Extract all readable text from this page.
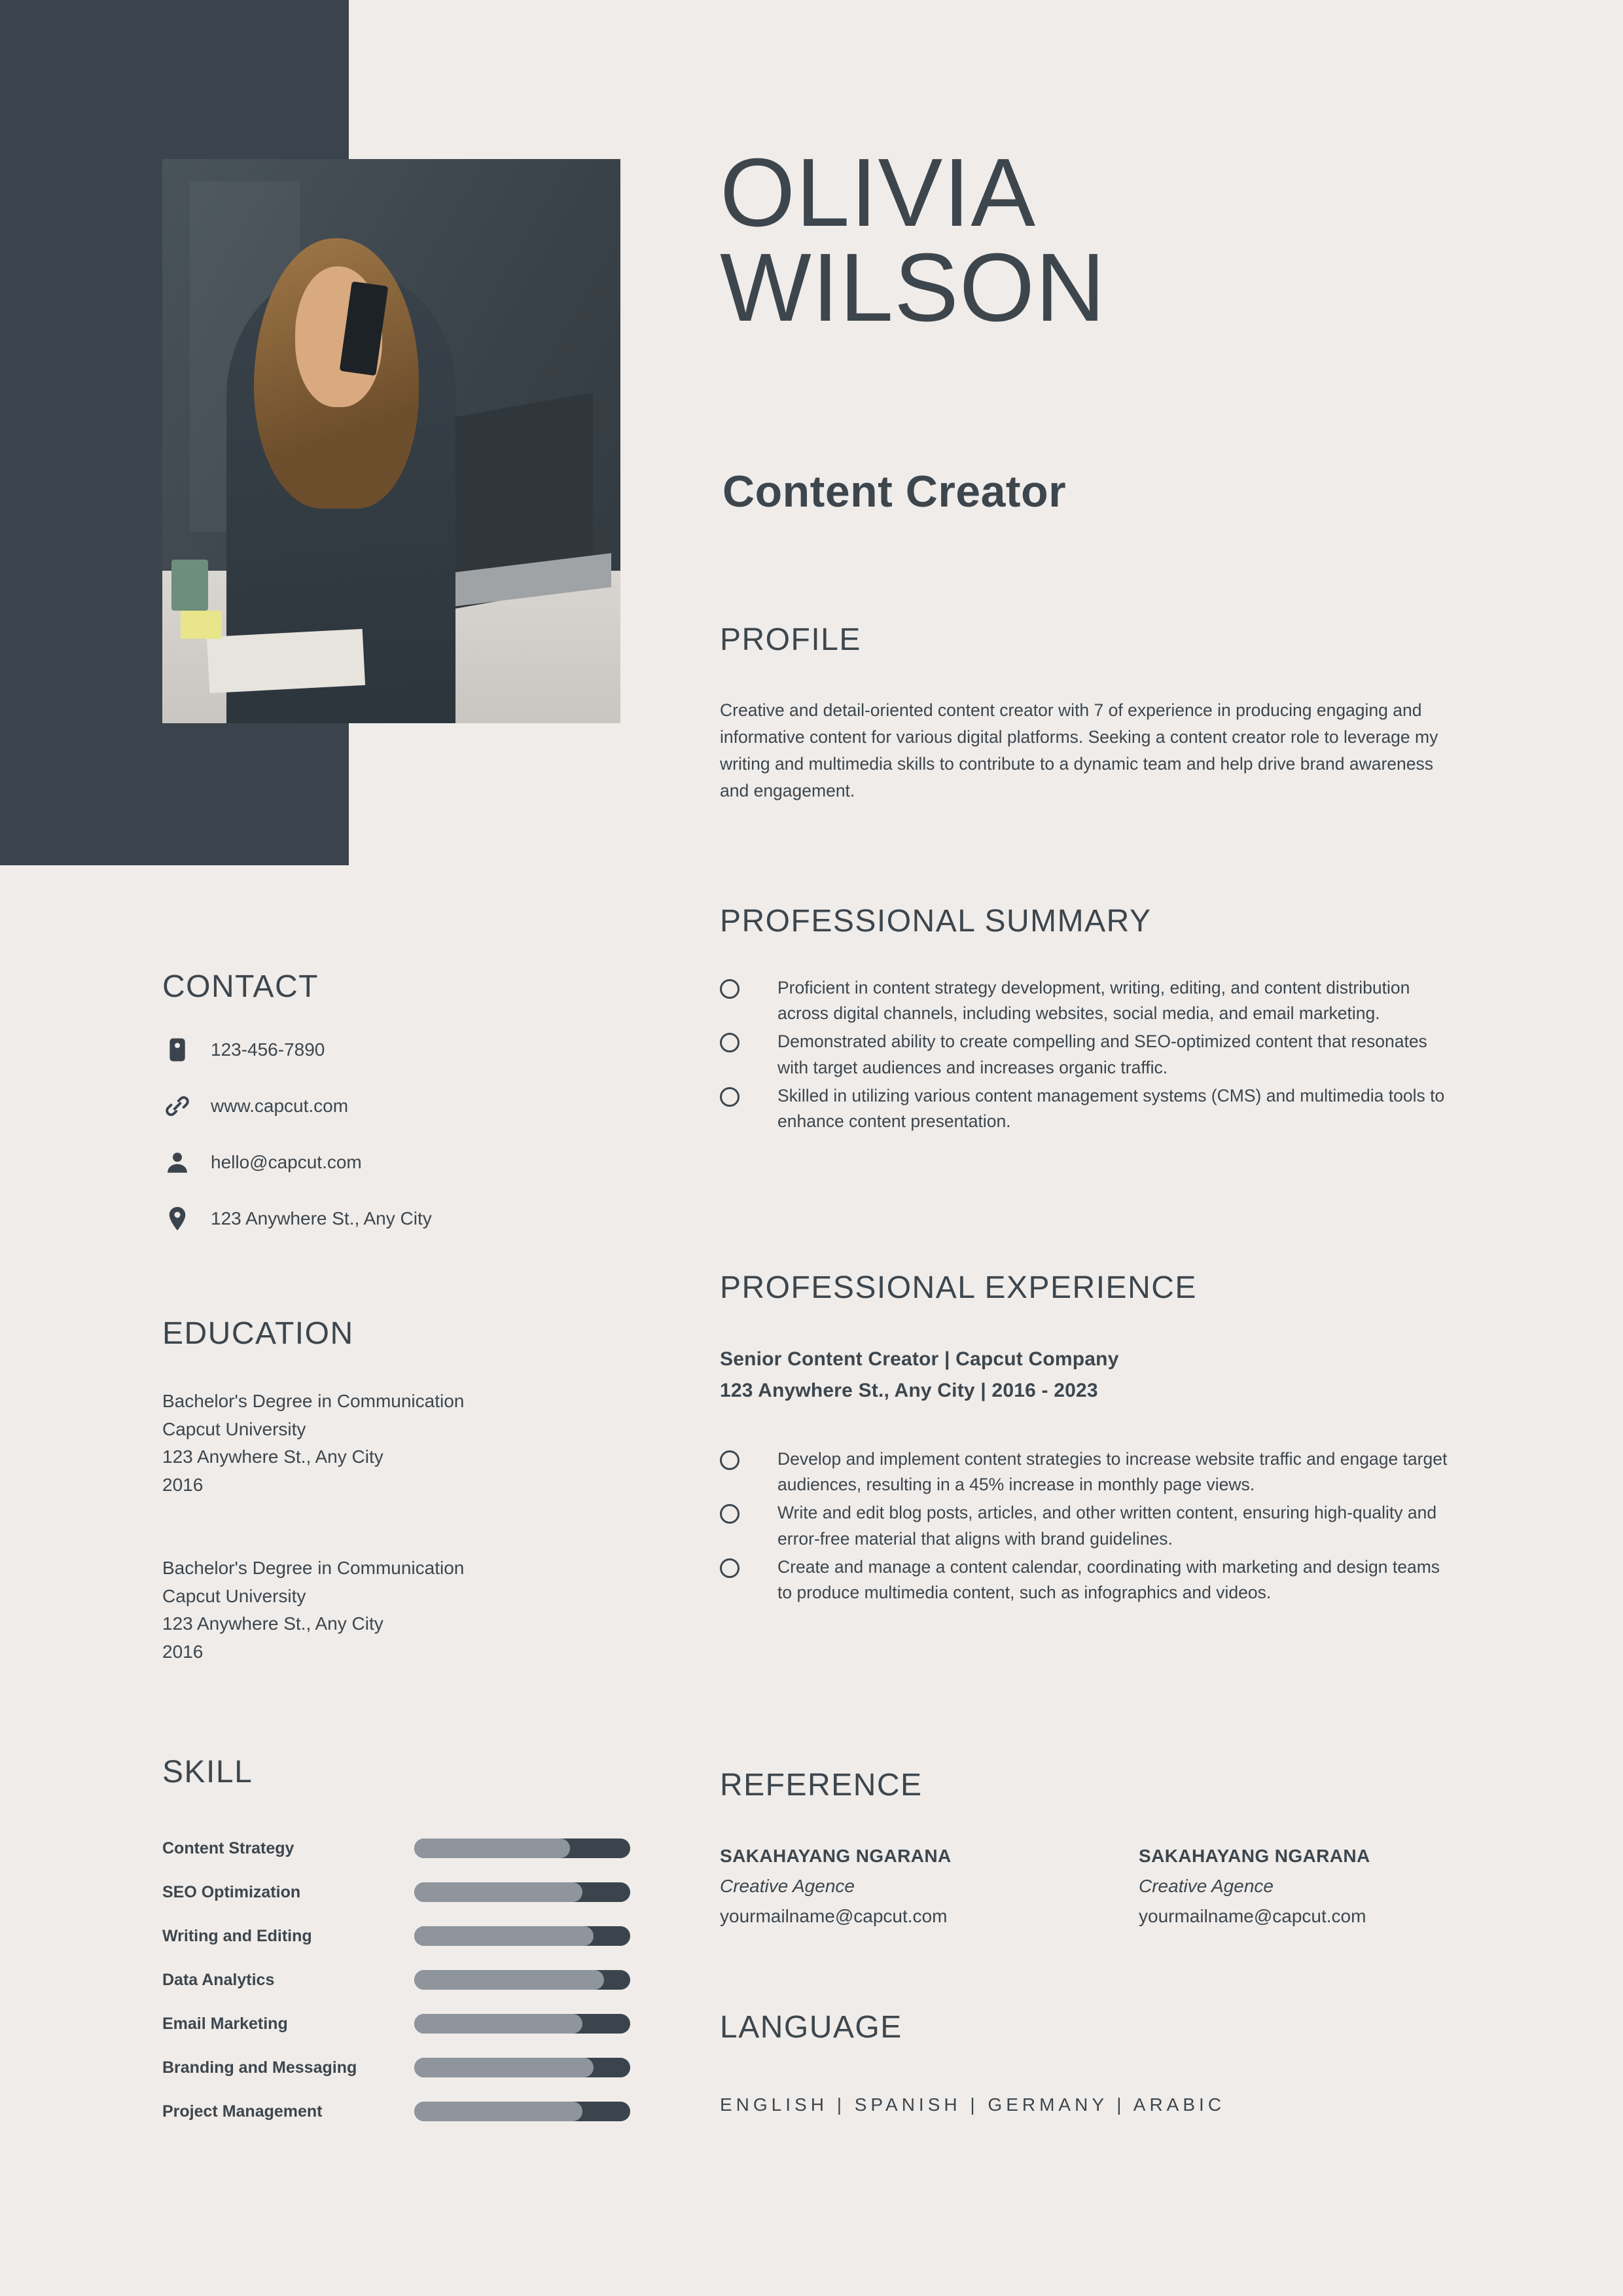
OLIVIA
WILSON
Content Creator
PROFILE
Creative and detail-oriented content creator with 7 of experience in producing engaging and informative content for various digital platforms. Seeking a content creator role to leverage my writing and multimedia skills to contribute to a dynamic team and help drive brand awareness and engagement.
PROFESSIONAL SUMMARY
Proficient in content strategy development, writing, editing, and content distribution across digital channels, including websites, social media, and email marketing.
Demonstrated ability to create compelling and SEO-optimized content that resonates with target audiences and increases organic traffic.
Skilled in utilizing various content management systems (CMS) and multimedia tools to enhance content presentation.
PROFESSIONAL EXPERIENCE
Senior Content Creator | Capcut Company
123 Anywhere St., Any City | 2016 - 2023
Develop and implement content strategies to increase website traffic and engage target audiences, resulting in a 45% increase in monthly page views.
Write and edit blog posts, articles, and other written content, ensuring high-quality and error-free material that aligns with brand guidelines.
Create and manage a content calendar, coordinating with marketing and design teams to produce multimedia content, such as infographics and videos.
CONTACT
123-456-7890
www.capcut.com
hello@capcut.com
123 Anywhere St., Any City
EDUCATION
Bachelor's Degree in Communication
Capcut University
123 Anywhere St., Any City
2016
Bachelor's Degree in Communication
Capcut University
123 Anywhere St., Any City
2016
SKILL
Content Strategy
SEO Optimization
Writing and Editing
Data Analytics
Email Marketing
Branding and Messaging
Project Management
REFERENCE
SAKAHAYANG NGARANA
Creative Agence
yourmailname@capcut.com
SAKAHAYANG NGARANA
Creative Agence
yourmailname@capcut.com
LANGUAGE
ENGLISH | SPANISH | GERMANY | ARABIC
